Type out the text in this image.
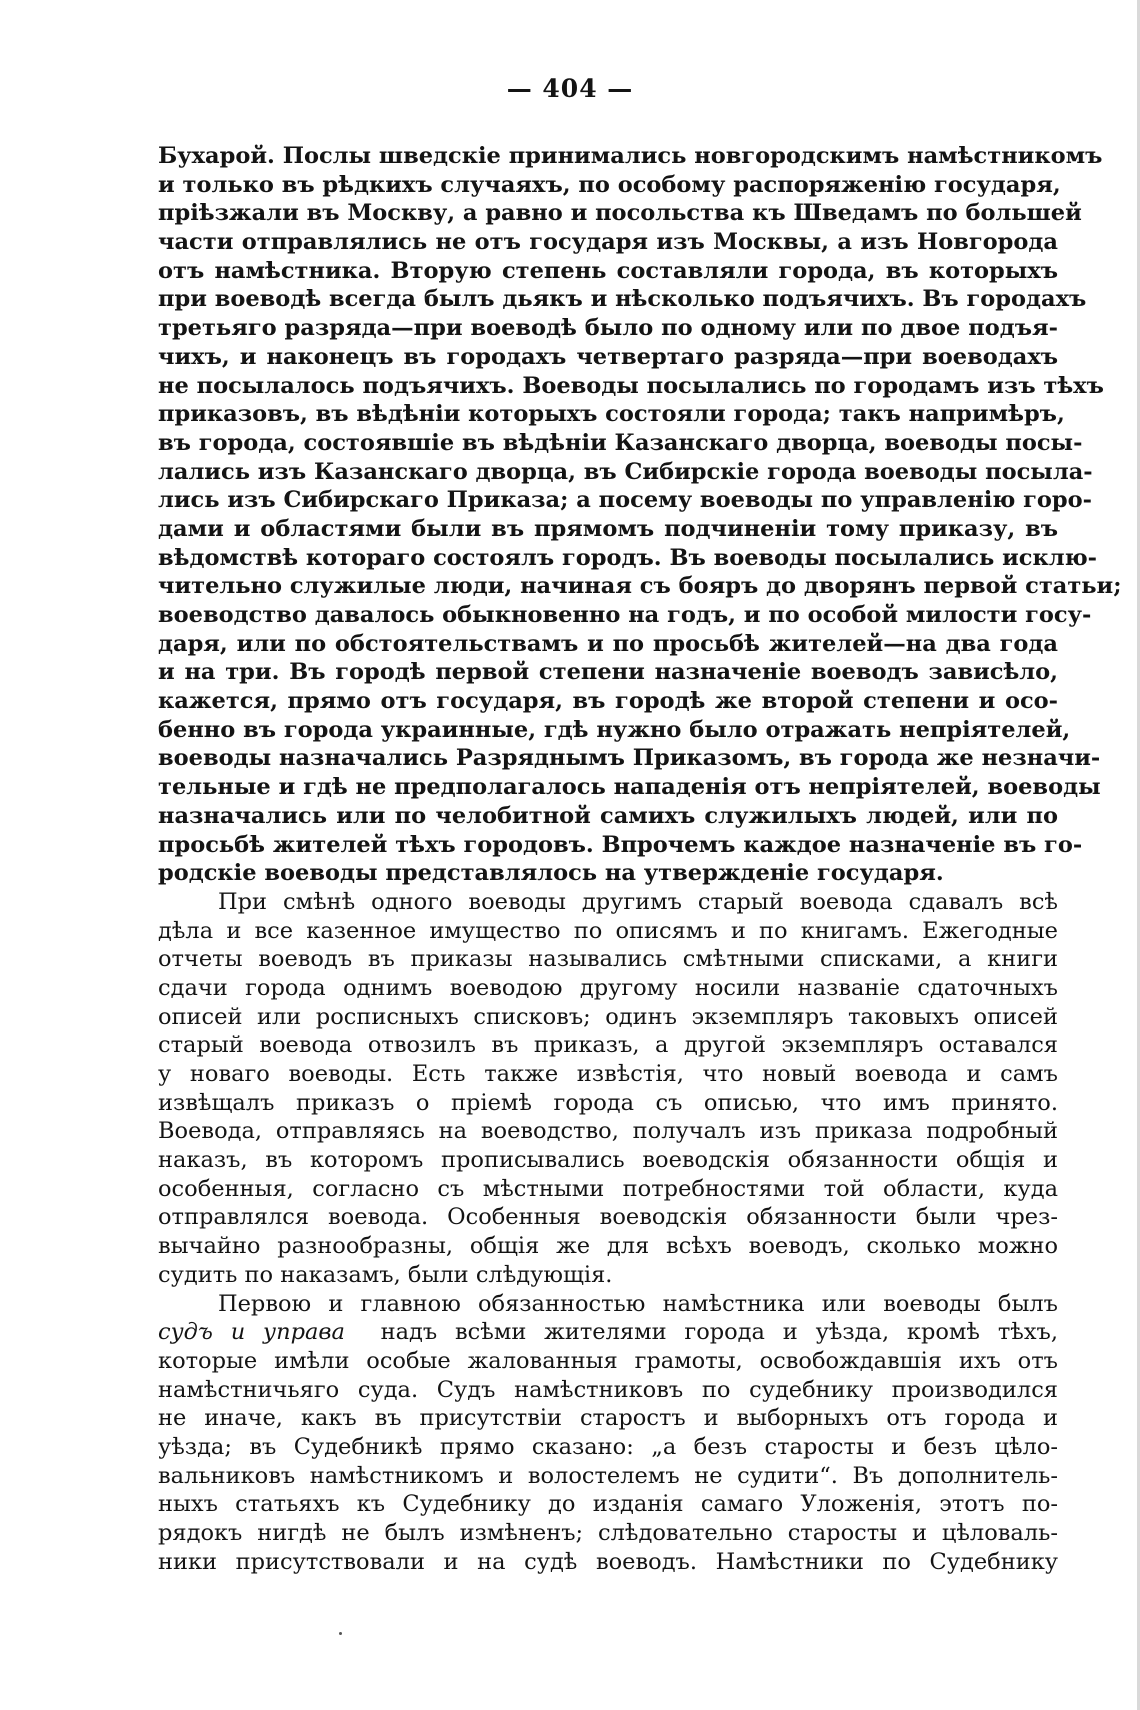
— 404 —
Бухарой. Послы шведскіе принимались новгородскимъ намѣстникомъ
и только въ рѣдкихъ случаяхъ, по особому распоряженію государя,
пріѣзжали въ Москву, а равно и посольства къ Шведамъ по большей
части отправлялись не отъ государя изъ Москвы, а изъ Новгорода
отъ намѣстника. Вторую степень составляли города, въ которыхъ
при воеводѣ всегда былъ дьякъ и нѣсколько подъячихъ. Въ городахъ
третьяго разряда—при воеводѣ было по одному или по двое подъя-
чихъ, и наконецъ въ городахъ четвертаго разряда—при воеводахъ
не посылалось подъячихъ. Воеводы посылались по городамъ изъ тѣхъ
приказовъ, въ вѣдѣніи которыхъ состояли города; такъ напримѣръ,
въ города, состоявшіе въ вѣдѣніи Казанскаго дворца, воеводы посы-
лались изъ Казанскаго дворца, въ Сибирскіе города воеводы посыла-
лись изъ Сибирскаго Приказа; а посему воеводы по управленію горо-
дами и областями были въ прямомъ подчиненіи тому приказу, въ
вѣдомствѣ котораго состоялъ городъ. Въ воеводы посылались исклю-
чительно служилые люди, начиная съ бояръ до дворянъ первой статьи;
воеводство давалось обыкновенно на годъ, и по особой милости госу-
даря, или по обстоятельствамъ и по просьбѣ жителей—на два года
и на три. Въ городѣ первой степени назначеніе воеводъ зависѣло,
кажется, прямо отъ государя, въ городѣ же второй степени и осо-
бенно въ города украинные, гдѣ нужно было отражать непріятелей,
воеводы назначались Разряднымъ Приказомъ, въ города же незначи-
тельные и гдѣ не предполагалось нападенія отъ непріятелей, воеводы
назначались или по челобитной самихъ служилыхъ людей, или по
просьбѣ жителей тѣхъ городовъ. Впрочемъ каждое назначеніе въ го-
родскіе воеводы представлялось на утвержденіе государя.
При смѣнѣ одного воеводы другимъ старый воевода сдавалъ всѣ
дѣла и все казенное имущество по описямъ и по книгамъ. Ежегодные
отчеты воеводъ въ приказы назывались смѣтными списками, а книги
сдачи города однимъ воеводою другому носили названіе сдаточныхъ
описей или росписныхъ списковъ; одинъ экземпляръ таковыхъ описей
старый воевода отвозилъ въ приказъ, а другой экземпляръ оставался
у новаго воеводы. Есть также извѣстія, что новый воевода и самъ
извѣщалъ приказъ о пріемѣ города съ описью, что имъ принято.
Воевода, отправляясь на воеводство, получалъ изъ приказа подробный
наказъ, въ которомъ прописывались воеводскія обязанности общія и
особенныя, согласно съ мѣстными потребностями той области, куда
отправлялся воевода. Особенныя воеводскія обязанности были чрез-
вычайно разнообразны, общія же для всѣхъ воеводъ, сколько можно
судить по наказамъ, были слѣдующія.
Первою и главною обязанностью намѣстника или воеводы былъ
судъ и управа надъ всѣми жителями города и уѣзда, кромѣ тѣхъ,
которые имѣли особые жалованныя грамоты, освобождавшія ихъ отъ
намѣстничьяго суда. Судъ намѣстниковъ по судебнику производился
не иначе, какъ въ присутствіи старостъ и выборныхъ отъ города и
уѣзда; въ Судебникѣ прямо сказано: „а безъ старосты и безъ цѣло-
вальниковъ намѣстникомъ и волостелемъ не судити“. Въ дополнитель-
ныхъ статьяхъ къ Судебнику до изданія самаго Уложенія, этотъ по-
рядокъ нигдѣ не былъ измѣненъ; слѣдовательно старосты и цѣловаль-
ники присутствовали и на судѣ воеводъ. Намѣстники по Судебнику
